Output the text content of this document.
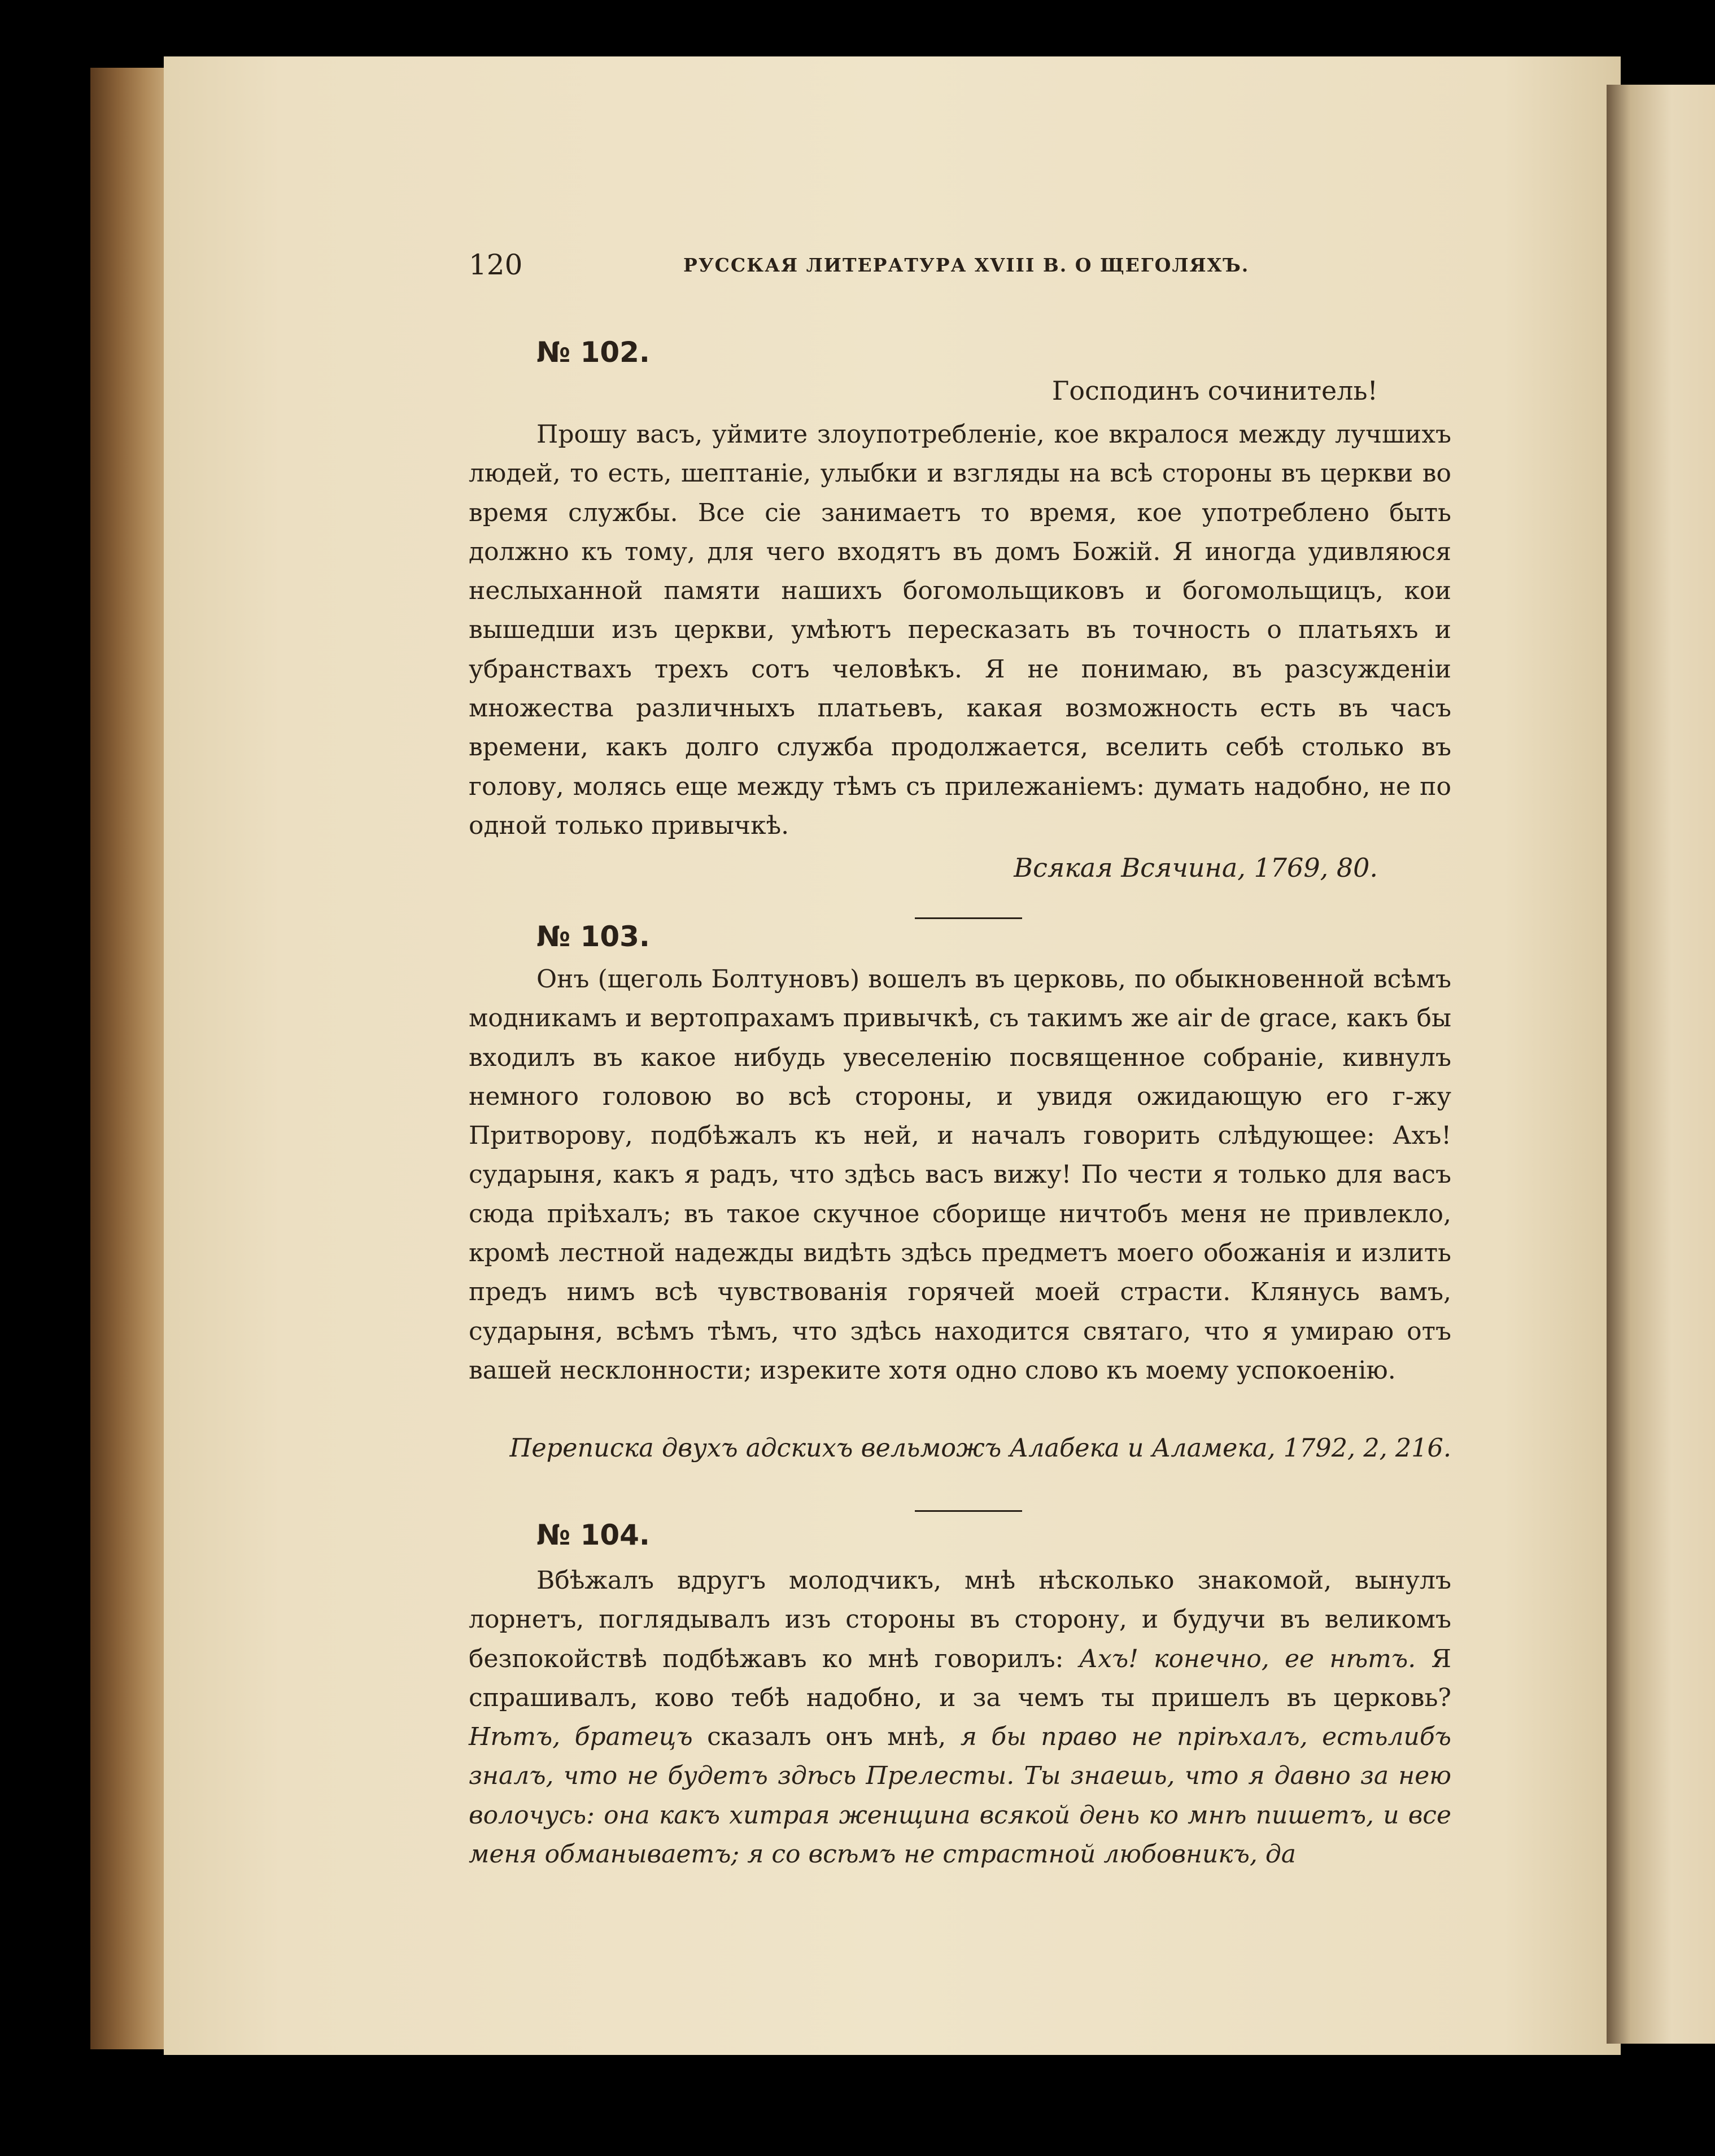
120	РУССКАЯ ЛИТЕРАТУРА XVIII В. О ЩЕГОЛЯХЪ.
№ 102.
Господинъ сочинитель!
Прошу васъ, уймите злоупотребленіе, кое вкралося между лучшихъ людей, то есть, шептаніе, улыбки и взгляды на всѣ стороны въ церкви во время службы. Все сіе занимаетъ то время, кое употреблено быть должно къ тому, для чего входятъ въ домъ Божій. Я иногда удивляюся неслыханной памяти нашихъ богомольщиковъ и богомольщицъ, кои вышедши изъ церкви, умѣютъ пересказать въ точность о платьяхъ и убранствахъ трехъ сотъ человѣкъ. Я не понимаю, въ разсужденіи множества различныхъ платьевъ, какая возможность есть въ часъ времени, какъ долго служба продолжается, вселить себѣ столько въ голову, молясь еще между тѣмъ съ прилежаніемъ: думать надобно, не по одной только привычкѣ.
Всякая Всячина, 1769, 80.
№ 103.
Онъ (щеголь Болтуновъ) вошелъ въ церковь, по обыкновенной всѣмъ модникамъ и вертопрахамъ привычкѣ, съ такимъ же air de grace, какъ бы входилъ въ какое нибудь увеселенію посвященное собраніе, кивнулъ немного головою во всѣ стороны, и увидя ожидающую его г-жу Притворову, подбѣжалъ къ ней, и началъ говорить слѣдующее: Ахъ! сударыня, какъ я радъ, что здѣсь васъ вижу! По чести я только для васъ сюда пріѣхалъ; въ такое скучное сборище ничтобъ меня не привлекло, кромѣ лестной надежды видѣть здѣсь предметъ моего обожанія и излить предъ нимъ всѣ чувствованія горячей моей страсти. Клянусь вамъ, сударыня, всѣмъ тѣмъ, что здѣсь находится святаго, что я умираю отъ вашей несклонности; изреките хотя одно слово къ моему успокоенію.
Переписка двухъ адскихъ вельможъ Алабека и Аламека, 1792, 2, 216.
№ 104.
Вбѣжалъ вдругъ молодчикъ, мнѣ нѣсколько знакомой, вынулъ лорнетъ, поглядывалъ изъ стороны въ сторону, и будучи въ великомъ безпокойствѣ подбѣжавъ ко мнѣ говорилъ: Ахъ! конечно, ее нѣтъ. Я спрашивалъ, ково тебѣ надобно, и за чемъ ты пришелъ въ церковь? Нѣтъ, братецъ сказалъ онъ мнѣ, я бы право не пріѣхалъ, естьлибъ зналъ, что не будетъ здѣсь Прелесты. Ты знаешь, что я давно за нею волочусь: она какъ хитрая женщина всякой день ко мнѣ пишетъ, и все меня обманываетъ; я со всѣмъ не страстной любовникъ, да
